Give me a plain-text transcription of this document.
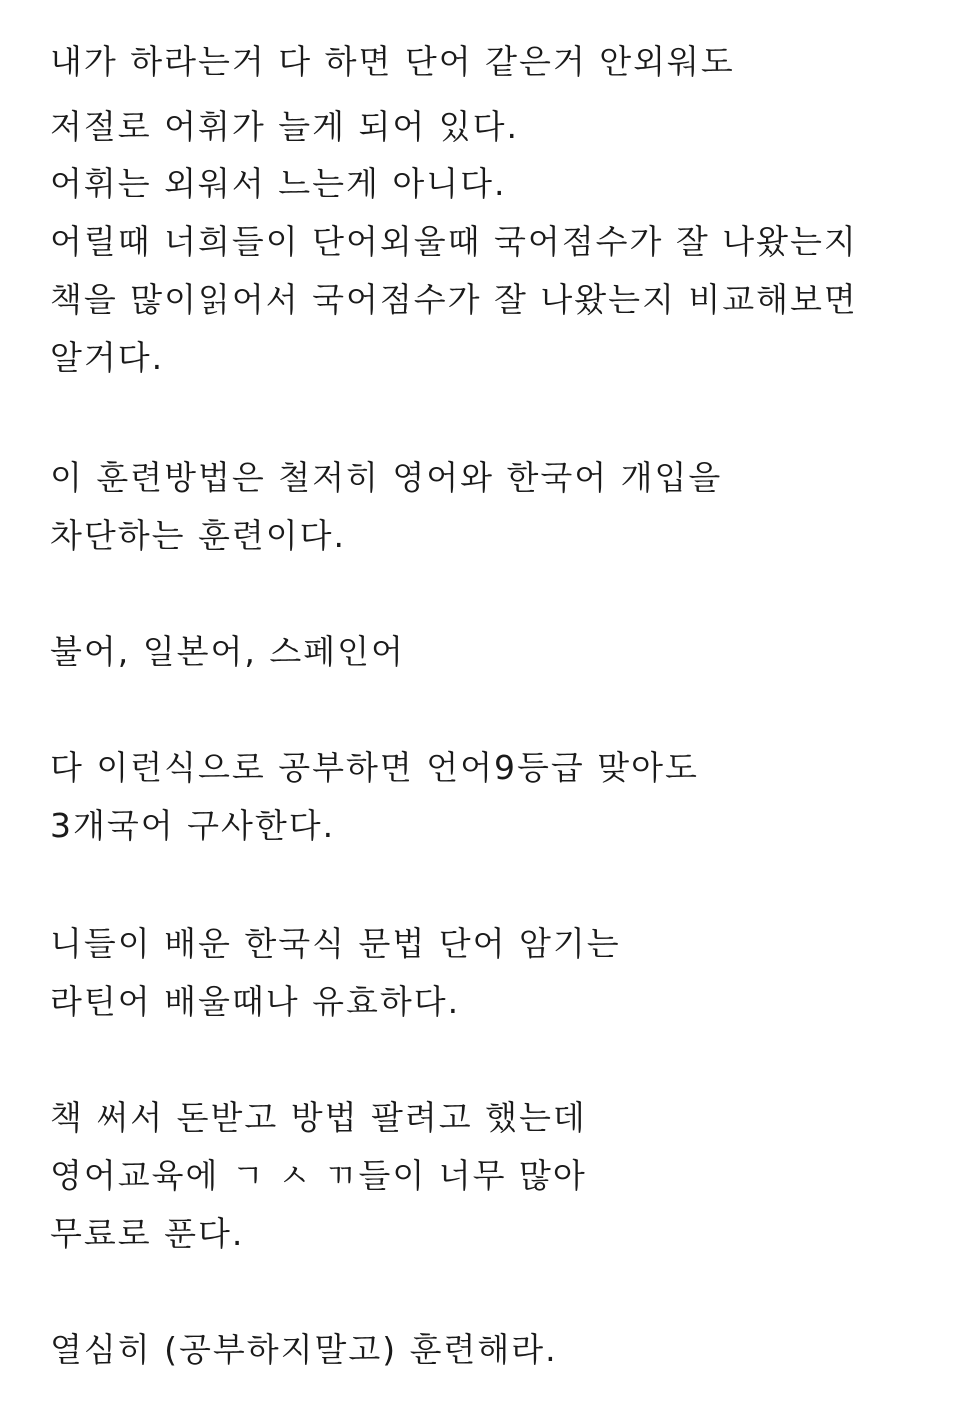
내가 하라는거 다 하면 단어 같은거 안외워도
저절로 어휘가 늘게 되어 있다.
어휘는 외워서 느는게 아니다.
어릴때 너희들이 단어외울때 국어점수가 잘 나왔는지
책을 많이읽어서 국어점수가 잘 나왔는지 비교해보면
알거다.
이 훈련방법은 철저히 영어와 한국어 개입을
차단하는 훈련이다.
불어, 일본어, 스페인어
다 이런식으로 공부하면 언어9등급 맞아도
3개국어 구사한다.
니들이 배운 한국식 문법 단어 암기는
라틴어 배울때나 유효하다.
책 써서 돈받고 방법 팔려고 했는데
영어교육에 ㄱ ㅅ ㄲ들이 너무 많아
무료로 푼다.
열심히 (공부하지말고) 훈련해라.
